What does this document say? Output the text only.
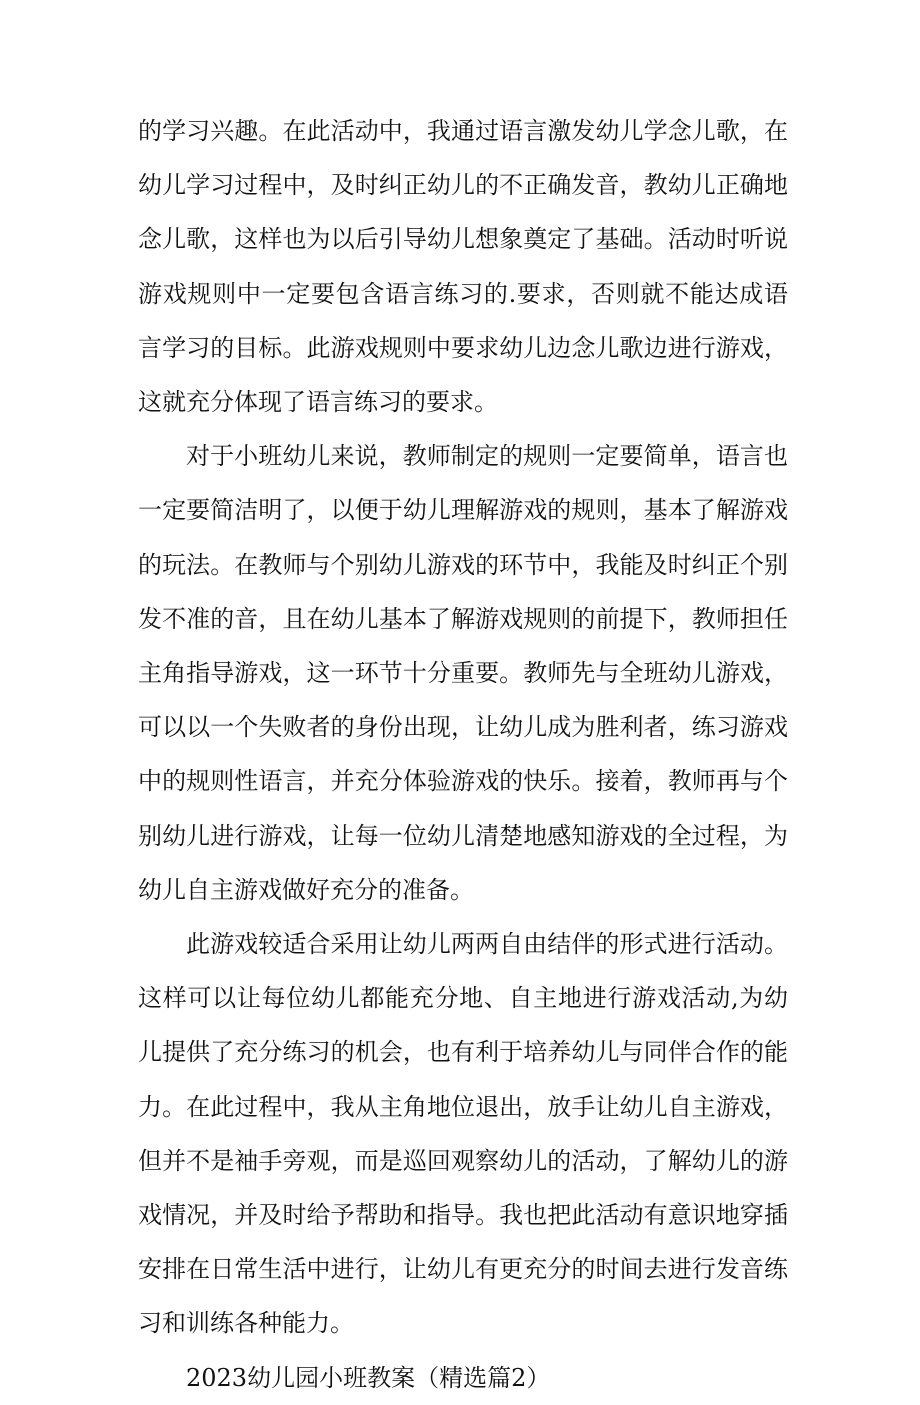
的学习兴趣。在此活动中，我通过语言激发幼儿学念儿歌，在幼儿学习过程中，及时纠正幼儿的不正确发音，教幼儿正确地念儿歌，这样也为以后引导幼儿想象奠定了基础。活动时听说游戏规则中一定要包含语言练习的.要求，否则就不能达成语言学习的目标。此游戏规则中要求幼儿边念儿歌边进行游戏，这就充分体现了语言练习的要求。

对于小班幼儿来说，教师制定的规则一定要简单，语言也一定要简洁明了，以便于幼儿理解游戏的规则，基本了解游戏的玩法。在教师与个别幼儿游戏的环节中，我能及时纠正个别发不准的音，且在幼儿基本了解游戏规则的前提下，教师担任主角指导游戏，这一环节十分重要。教师先与全班幼儿游戏，可以以一个失败者的身份出现，让幼儿成为胜利者，练习游戏中的规则性语言，并充分体验游戏的快乐。接着，教师再与个别幼儿进行游戏，让每一位幼儿清楚地感知游戏的全过程，为幼儿自主游戏做好充分的准备。

此游戏较适合采用让幼儿两两自由结伴的形式进行活动。这样可以让每位幼儿都能充分地、自主地进行游戏活动,为幼儿提供了充分练习的机会，也有利于培养幼儿与同伴合作的能力。在此过程中，我从主角地位退出，放手让幼儿自主游戏，但并不是袖手旁观，而是巡回观察幼儿的活动，了解幼儿的游戏情况，并及时给予帮助和指导。我也把此活动有意识地穿插安排在日常生活中进行，让幼儿有更充分的时间去进行发音练习和训练各种能力。

2023幼儿园小班教案（精选篇2）
